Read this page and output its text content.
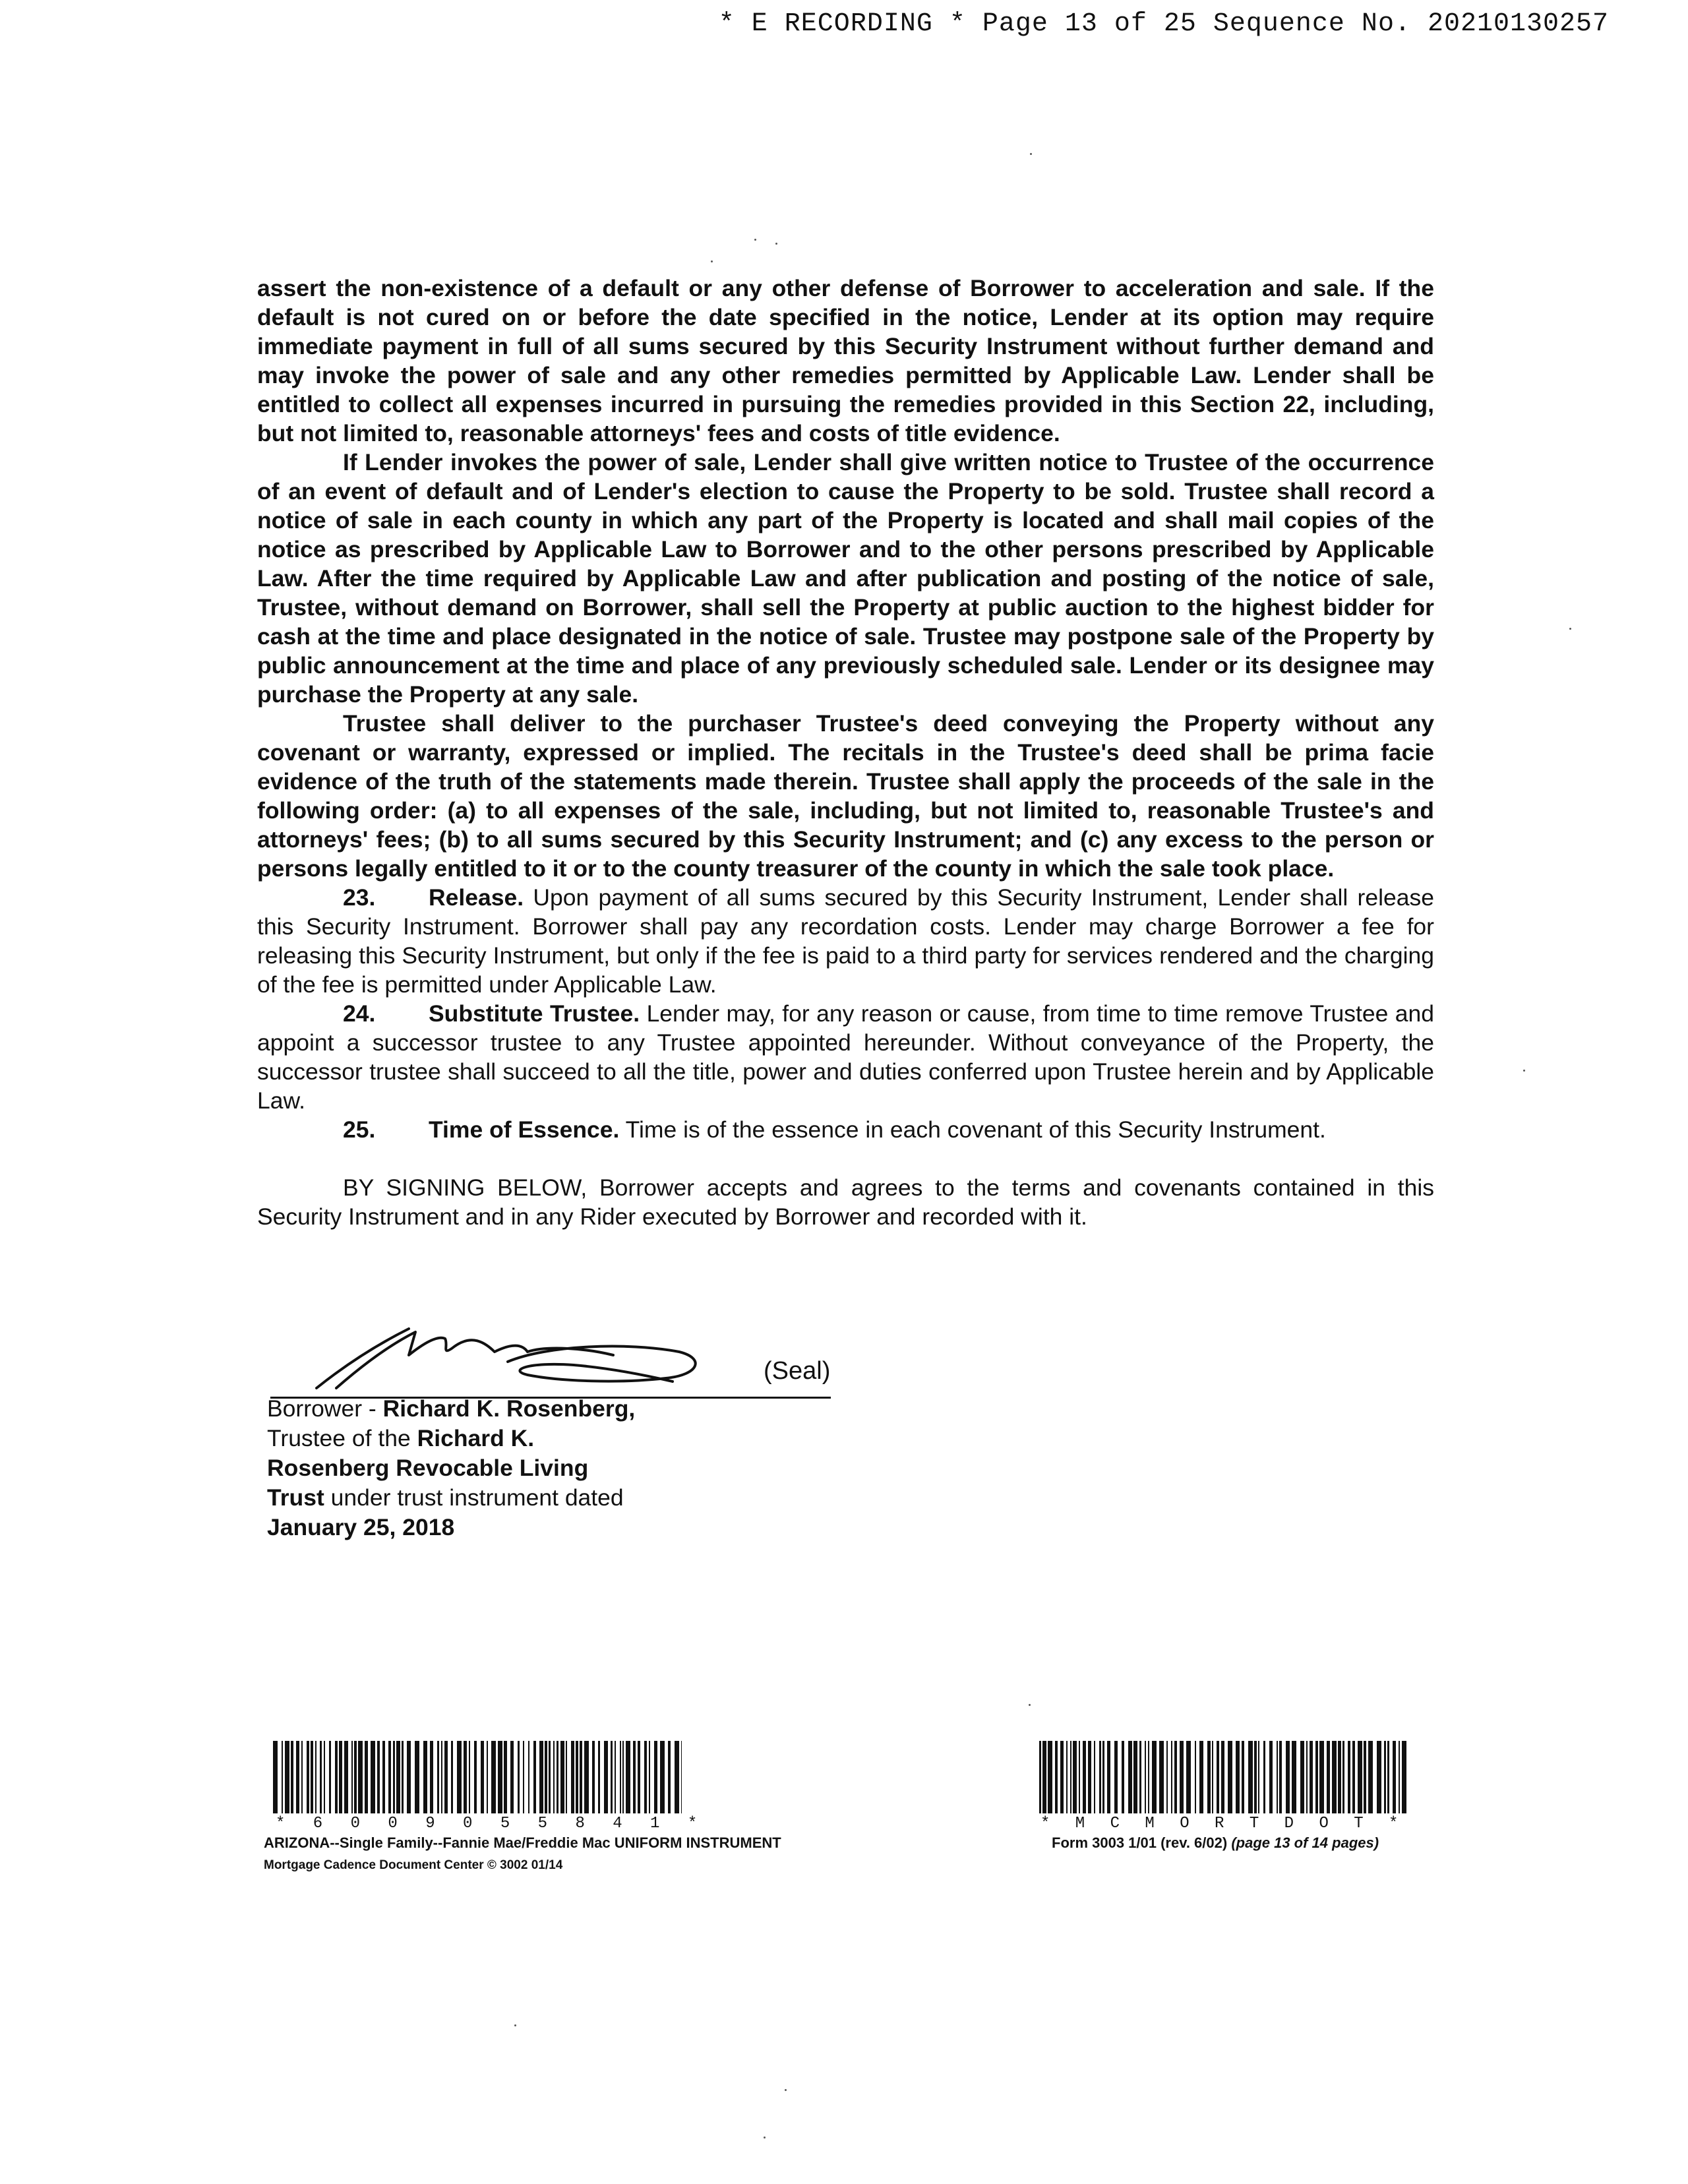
* E RECORDING * Page 13 of 25 Sequence No. 20210130257

assert the non-existence of a default or any other defense of Borrower to acceleration and sale. If the default is not cured on or before the date specified in the notice, Lender at its option may require immediate payment in full of all sums secured by this Security Instrument without further demand and may invoke the power of sale and any other remedies permitted by Applicable Law. Lender shall be entitled to collect all expenses incurred in pursuing the remedies provided in this Section 22, including, but not limited to, reasonable attorneys' fees and costs of title evidence.

If Lender invokes the power of sale, Lender shall give written notice to Trustee of the occurrence of an event of default and of Lender's election to cause the Property to be sold. Trustee shall record a notice of sale in each county in which any part of the Property is located and shall mail copies of the notice as prescribed by Applicable Law to Borrower and to the other persons prescribed by Applicable Law. After the time required by Applicable Law and after publication and posting of the notice of sale, Trustee, without demand on Borrower, shall sell the Property at public auction to the highest bidder for cash at the time and place designated in the notice of sale. Trustee may postpone sale of the Property by public announcement at the time and place of any previously scheduled sale. Lender or its designee may purchase the Property at any sale.

Trustee shall deliver to the purchaser Trustee's deed conveying the Property without any covenant or warranty, expressed or implied. The recitals in the Trustee's deed shall be prima facie evidence of the truth of the statements made therein. Trustee shall apply the proceeds of the sale in the following order: (a) to all expenses of the sale, including, but not limited to, reasonable Trustee's and attorneys' fees; (b) to all sums secured by this Security Instrument; and (c) any excess to the person or persons legally entitled to it or to the county treasurer of the county in which the sale took place.

23. Release. Upon payment of all sums secured by this Security Instrument, Lender shall release this Security Instrument. Borrower shall pay any recordation costs. Lender may charge Borrower a fee for releasing this Security Instrument, but only if the fee is paid to a third party for services rendered and the charging of the fee is permitted under Applicable Law.

24. Substitute Trustee. Lender may, for any reason or cause, from time to time remove Trustee and appoint a successor trustee to any Trustee appointed hereunder. Without conveyance of the Property, the successor trustee shall succeed to all the title, power and duties conferred upon Trustee herein and by Applicable Law.

25. Time of Essence. Time is of the essence in each covenant of this Security Instrument.

BY SIGNING BELOW, Borrower accepts and agrees to the terms and covenants contained in this Security Instrument and in any Rider executed by Borrower and recorded with it.

(Seal)
Borrower - Richard K. Rosenberg,
Trustee of the Richard K.
Rosenberg Revocable Living
Trust under trust instrument dated
January 25, 2018
* 6 0 0 9 0 5 5 8 4 1 *	* M C M O R T D O T *
ARIZONA--Single Family--Fannie Mae/Freddie Mac UNIFORM INSTRUMENT
Mortgage Cadence Document Center © 3002 01/14
Form 3003 1/01 (rev. 6/02) (page 13 of 14 pages)
